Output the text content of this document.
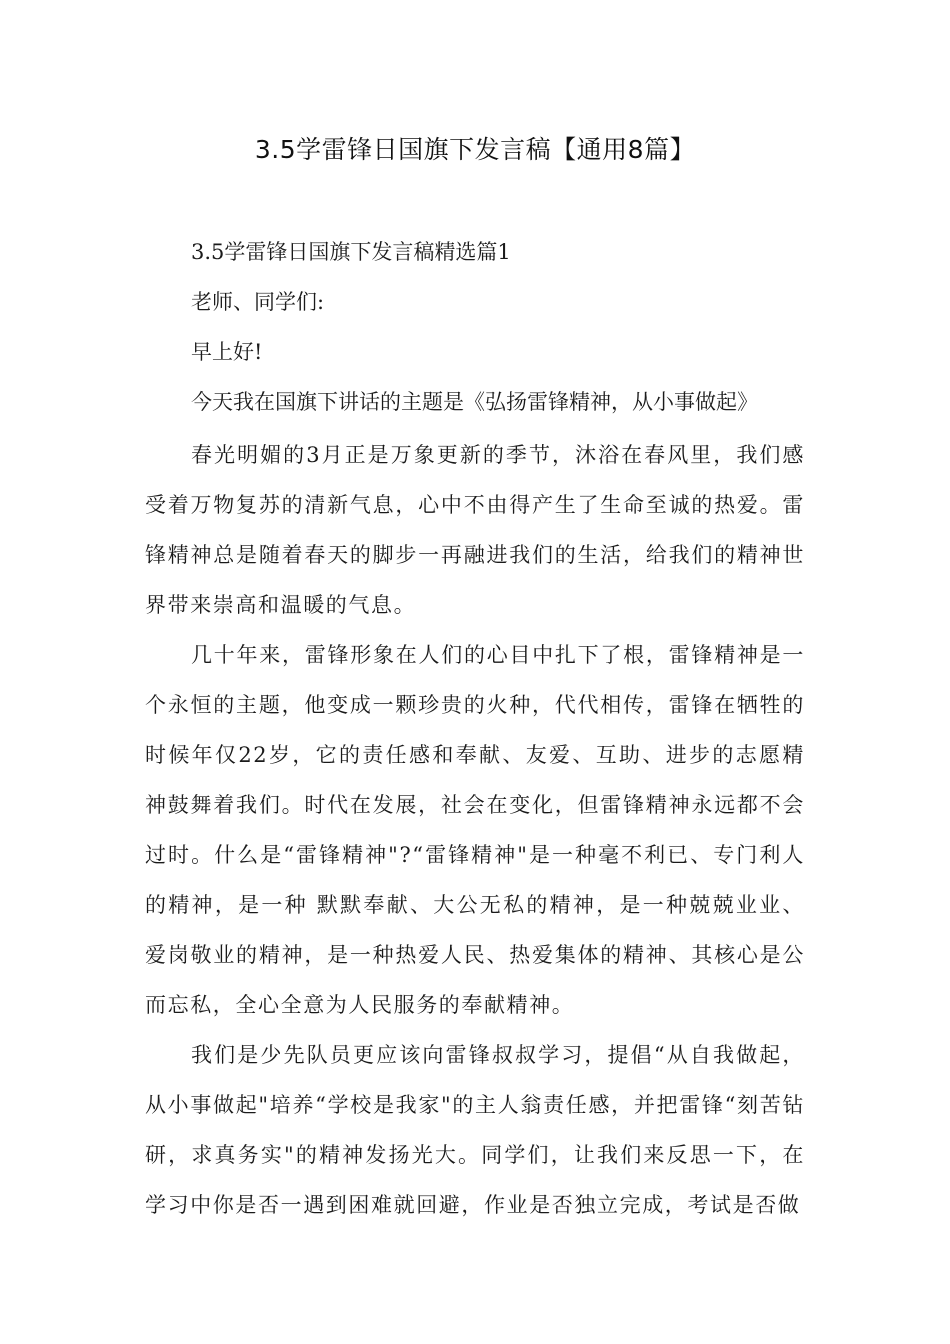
3.5学雷锋日国旗下发言稿【通用8篇】
3.5学雷锋日国旗下发言稿精选篇1
老师、同学们:
早上好!
今天我在国旗下讲话的主题是《弘扬雷锋精神，从小事做起》

春光明媚的3月正是万象更新的季节，沐浴在春风里，我们感受着万物复苏的清新气息，心中不由得产生了生命至诚的热爱。雷锋精神总是随着春天的脚步一再融进我们的生活，给我们的精神世界带来崇高和温暖的气息。

几十年来，雷锋形象在人们的心目中扎下了根，雷锋精神是一个永恒的主题，他变成一颗珍贵的火种，代代相传，雷锋在牺牲的时候年仅22岁，它的责任感和奉献、友爱、互助、进步的志愿精神鼓舞着我们。时代在发展，社会在变化，但雷锋精神永远都不会过时。什么是“雷锋精神"?“雷锋精神"是一种毫不利已、专门利人的精神，是一种 默默奉献、大公无私的精神，是一种兢兢业业、爱岗敬业的精神，是一种热爱人民、热爱集体的精神、其核心是公而忘私，全心全意为人民服务的奉献精神。

我们是少先队员更应该向雷锋叔叔学习，提倡“从自我做起，从小事做起"培养“学校是我家"的主人翁责任感，并把雷锋“刻苦钻研，求真务实"的精神发扬光大。同学们，让我们来反思一下，在学习中你是否一遇到困难就回避，作业是否独立完成，考试是否做
